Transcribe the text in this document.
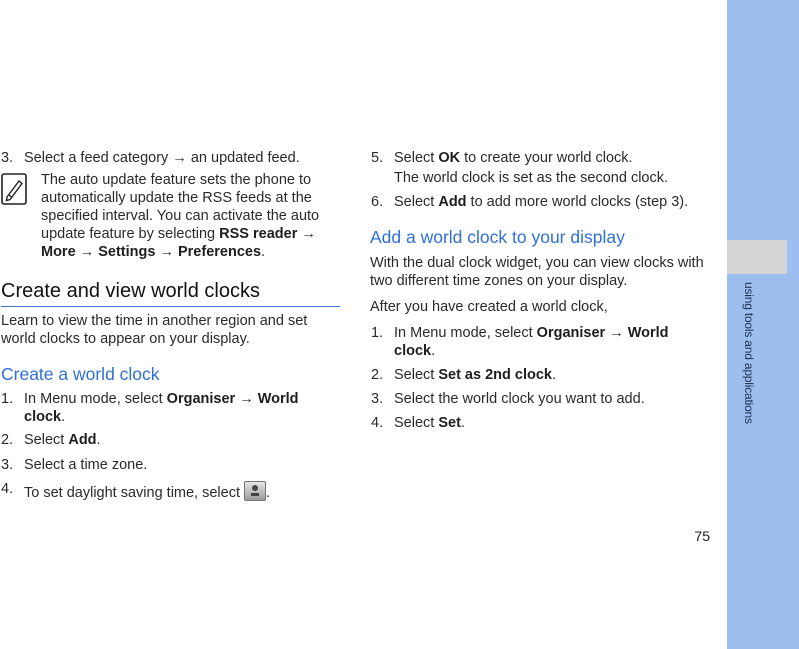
using tools and applications
75
3. Select a feed category → an updated feed.
The auto update feature sets the phone to automatically update the RSS feeds at the specified interval. You can activate the auto update feature by selecting RSS reader → More → Settings → Preferences.
Create and view world clocks
Learn to view the time in another region and set world clocks to appear on your display.
Create a world clock
1. In Menu mode, select Organiser → World clock.
2. Select Add.
3. Select a time zone.
4. To set daylight saving time, select .
5. Select OK to create your world clock.
The world clock is set as the second clock.
6. Select Add to add more world clocks (step 3).
Add a world clock to your display
With the dual clock widget, you can view clocks with two different time zones on your display.
After you have created a world clock,
1. In Menu mode, select Organiser → World clock.
2. Select Set as 2nd clock.
3. Select the world clock you want to add.
4. Select Set.
